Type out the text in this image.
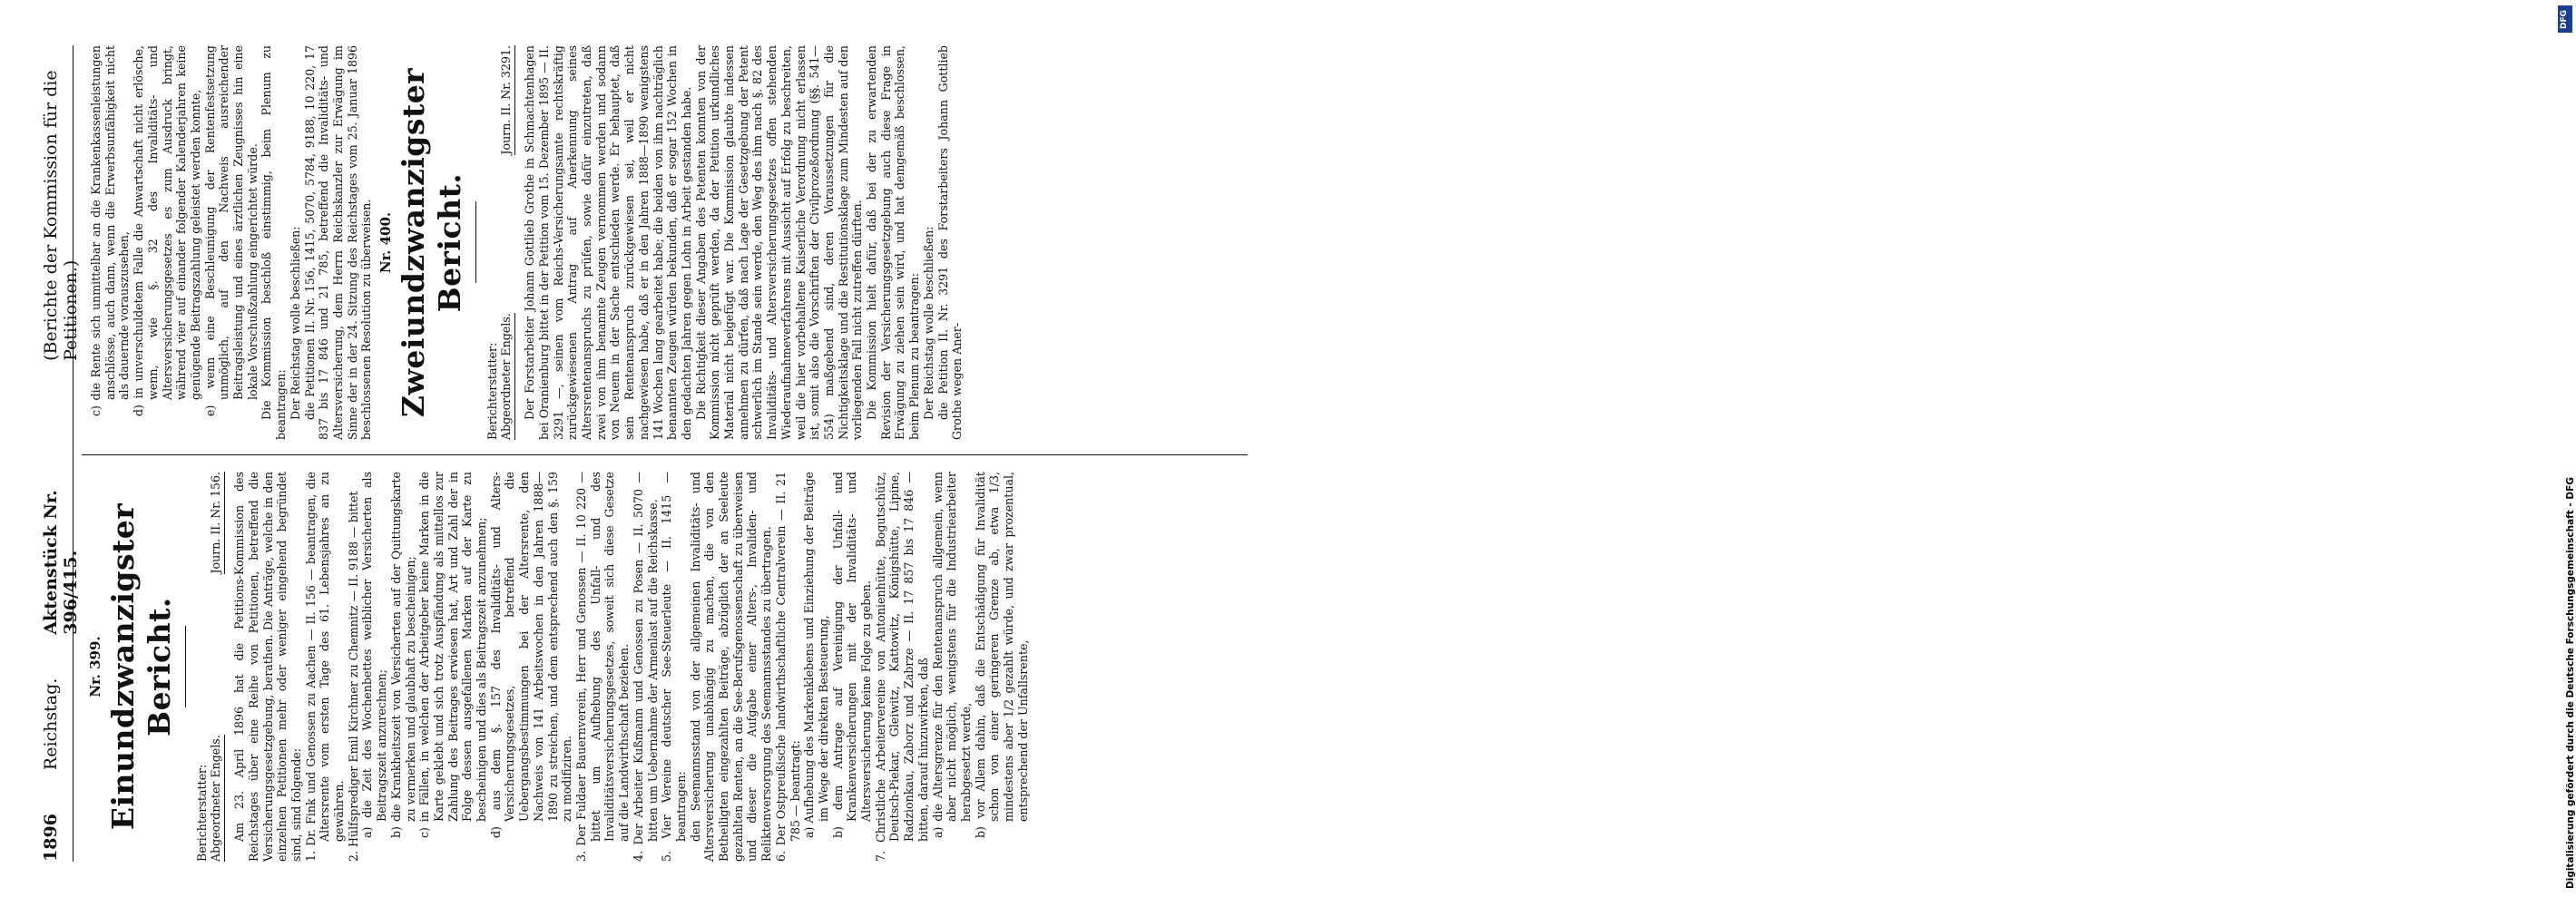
1896
Reichstag.
Aktenstück Nr. 396/415.
(Berichte der Kommission für die Petitionen.)
Nr. 399. Einundzwanzigster Bericht.
Berichterstatter: Abgeordneter Engels.
Journ. II. Nr. 156. Am 23. April 1896 hat die Petitions-Kommission des Reichstages über eine Reihe von Petitionen, betreffend die Versicherungsgesetzgebung, berathen. Die Anträge, welche in den einzelnen Petitionen mehr oder weniger eingehend begründet sind, sind folgende: 1. Dr. Fink und Genossen zu Aachen — II. 156 — beantragen, die Altersrente vom ersten Tage des 61. Lebensjahres an zu gewähren. 2. Hülfsprediger Emil Kirchner zu Chemnitz — II. 9188 — bittet a) die Zeit des Wochenbettes weiblicher Versicherten als Beitragszeit anzurechnen; b) die Krankheitszeit von Versicherten auf der Quittungskarte zu vermerken und glaubhaft zu bescheinigen; c) in Fällen, in welchen der Arbeitgeber keine Marken in die Karte geklebt und sich trotz Auspfändung als mittellos zur Zahlung des Beitrages erwiesen hat, Art und Zahl der in Folge dessen ausgefallenen Marken auf der Karte zu bescheinigen und dies als Beitragszeit anzunehmen; d) aus dem §. 157 des Invaliditäts- und Alters-Versicherungsgesetzes, betreffend die Uebergangsbestimmungen bei der Altersrente, den Nachweis von 141 Arbeitswochen in den Jahren 1888—1890 zu streichen, und dem entsprechend auch den §. 159 zu modifiziren. 3. Der Fuldaer Bauernverein, Herr und Genossen — II. 10 220 — bittet um Aufhebung des Unfall- und des Invaliditätsversicherungsgesetzes, soweit sich diese Gesetze auf die Landwirthschaft beziehen. 4. Der Arbeiter Kußmann und Genossen zu Posen — II. 5070 — bitten um Uebernahme der Armenlast auf die Reichskasse. 5. Vier Vereine deutscher See-Steuerleute — II. 1415 — beantragen: den Seemannsstand von der allgemeinen Invaliditäts- und Altersversicherung unabhängig zu machen, die von den Betheiligten eingezahlten Beiträge, abzüglich der an Seeleute gezahlten Renten, an die See-Berufsgenossenschaft zu überweisen und dieser die Aufgabe einer Alters-, Invaliden- und Reliktenversorgung des Seemannsstandes zu übertragen. 6. Der Ostpreußische landwirthschaftliche Centralverein — II. 21 785 — beantragt: a) Aufhebung des Markenklebens und Einziehung der Beiträge im Wege der direkten Besteuerung, b) dem Antrage auf Vereinigung der Unfall- und Krankenversicherungen mit der Invaliditäts- und Altersversicherung keine Folge zu geben. 7. Christliche Arbeitervereine von Antonienhütte, Bogutschütz, Deutsch-Piekar, Gleiwitz, Kattowitz, Königshütte, Lipine, Radzionkau, Zaborz und Zabrze — II. 17 857 bis 17 846 — bitten, darauf hinzuwirken, daß a) die Altersgrenze für den Rentenanspruch allgemein, wenn aber nicht möglich, wenigstens für die Industriearbeiter herabgesetzt werde, b) vor Allem dahin, daß die Entschädigung für Invalidität schon von einer geringeren Grenze ab, etwa 1/3, mindestens aber 1/2 gezahlt würde, und zwar prozentual, entsprechend der Unfallsrente,

c) die Rente sich unmittelbar an die Krankenkassenleistungen anschlösse, auch dann, wenn die Erwerbsunfähigkeit nicht als dauernde vorauszusehen, d) in unverschuldetem Falle die Anwartschaft nicht erlösche, wenn, wie §. 32 des Invaliditäts- und Altersversicherungsgesetzes es zum Ausdruck bringt, während vier auf einander folgender Kalenderjahren keine genügende Beitragszahlung geleistet werden konnte, e) wenn eine Beschleunigung der Rentenfestsetzung unmöglich, auf den Nachweis ausreichender Beitragsleistung und eines ärztlichen Zeugnisses hin eine lokale Vorschußzahlung eingerichtet würde. Die Kommission beschloß einstimmig, beim Plenum zu beantragen: Der Reichstag wolle beschließen: die Petitionen II. Nr. 156, 1415, 5070, 5784, 9188, 10 220, 17 837 bis 17 846 und 21 785, betreffend die Invaliditäts- und Altersversicherung, dem Herrn Reichskanzler zur Erwägung im Sinne der in der 24. Sitzung des Reichstages vom 25. Januar 1896 beschlossenen Resolution zu überweisen. Nr. 400. Zweiundzwanzigster Bericht.
Berichterstatter: Abgeordneter Engels.
Journ. II. Nr. 3291. Der Forstarbeiter Johann Gottlieb Grothe in Schmachtenhagen bei Oranienburg bittet in der Petition vom 15. Dezember 1895 — II. 3291 —, seinen vom Reichs-Versicherungsamte rechtskräftig zurückgewiesenen Antrag auf Anerkennung seines Altersrentenanspruchs zu prüfen, sowie dafür einzutreten, daß zwei von ihm benannte Zeugen vernommen werden und sodann von Neuem in der Sache entschieden werde. Er behauptet, daß sein Rentenanspruch zurückgewiesen sei, weil er nicht nachgewiesen habe, daß er in den Jahren 1888—1890 wenigstens 141 Wochen lang gearbeitet habe; die beiden von ihm nachträglich benannten Zeugen würden bekunden, daß er sogar 152 Wochen in den gedachten Jahren gegen Lohn in Arbeit gestanden habe. Die Richtigkeit dieser Angaben des Petenten konnten von der Kommission nicht geprüft werden, da der Petition urkundliches Material nicht beigefügt war. Die Kommission glaubte indessen annehmen zu dürfen, daß nach Lage der Gesetzgebung der Petent schwerlich im Stande sein werde, den Weg des ihm nach §. 82 des Invaliditäts- und Altersversicherungsgesetzes offen stehenden Wiederaufnahmeverfahrens mit Aussicht auf Erfolg zu beschreiten, weil die hier vorbehaltene Kaiserliche Verordnung nicht erlassen ist, somit also die Vorschriften der Civilprozeßordnung (§§. 541—554) maßgebend sind, deren Voraussetzungen für die Nichtigkeitsklage und die Restitutionsklage zum Mindesten auf den vorliegenden Fall nicht zutreffen dürften. Die Kommission hielt dafür, daß bei der zu erwartenden Revision der Versicherungsgesetzgebung auch diese Frage in Erwägung zu ziehen sein wird, und hat demgemäß beschlossen, beim Plenum zu beantragen: Der Reichstag wolle beschließen: die Petition II. Nr. 3291 des Forstarbeiters Johann Gottlieb Grothe wegen Aner-

DFG
Digitalisierung gefördert durch die Deutsche Forschungsgemeinschaft - DFG
